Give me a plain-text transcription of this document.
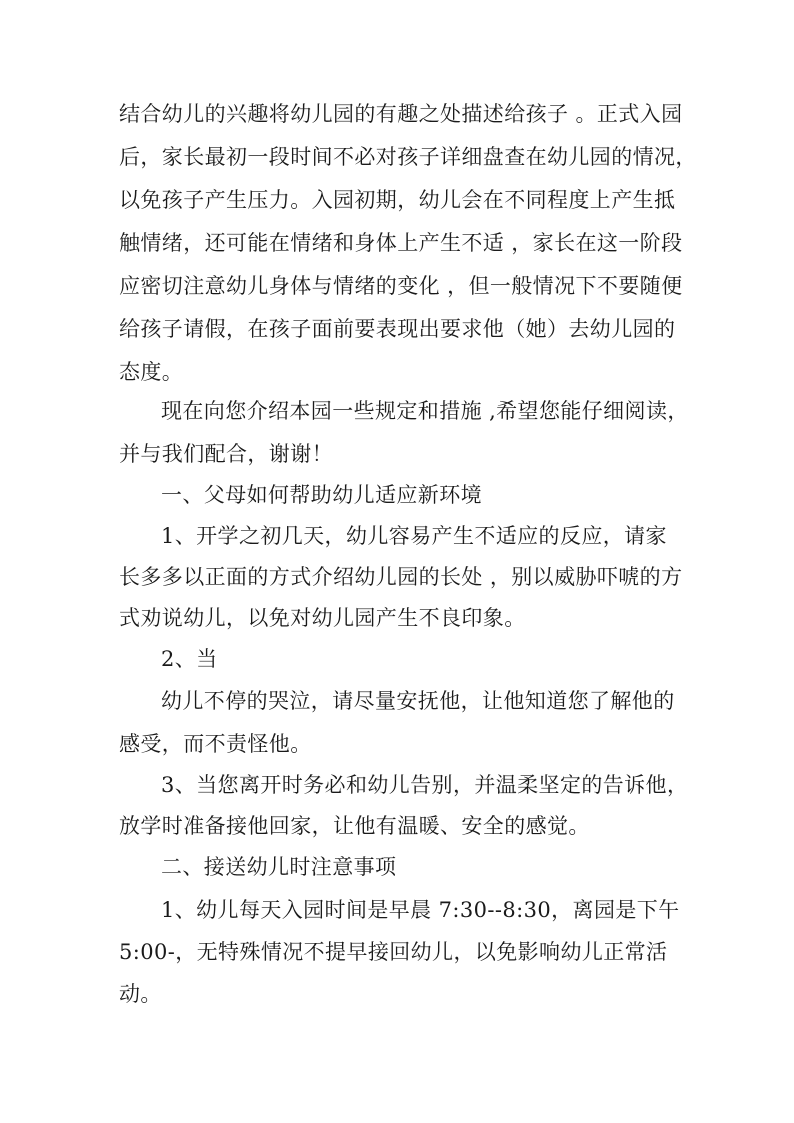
结合幼儿的兴趣将幼儿园的有趣之处描述给孩子 。正式入园
后，家长最初一段时间不必对孩子详细盘查在幼儿园的情况，
以免孩子产生压力。入园初期，幼儿会在不同程度上产生抵
触情绪，还可能在情绪和身体上产生不适 ，家长在这一阶段
应密切注意幼儿身体与情绪的变化 ，但一般情况下不要随便
给孩子请假，在孩子面前要表现出要求他（她）去幼儿园的
态度。
现在向您介绍本园一些规定和措施 ,希望您能仔细阅读，
并与我们配合，谢谢！
一、父母如何帮助幼儿适应新环境
1、开学之初几天，幼儿容易产生不适应的反应，请家
长多多以正面的方式介绍幼儿园的长处 ，别以威胁吓唬的方
式劝说幼儿，以免对幼儿园产生不良印象。
2、当
幼儿不停的哭泣，请尽量安抚他，让他知道您了解他的
感受，而不责怪他。
3、当您离开时务必和幼儿告别，并温柔坚定的告诉他，
放学时准备接他回家，让他有温暖、安全的感觉。
二、接送幼儿时注意事项
1、幼儿每天入园时间是早晨 7:30--8:30，离园是下午
5:00-，无特殊情况不提早接回幼儿，以免影响幼儿正常活
动。
